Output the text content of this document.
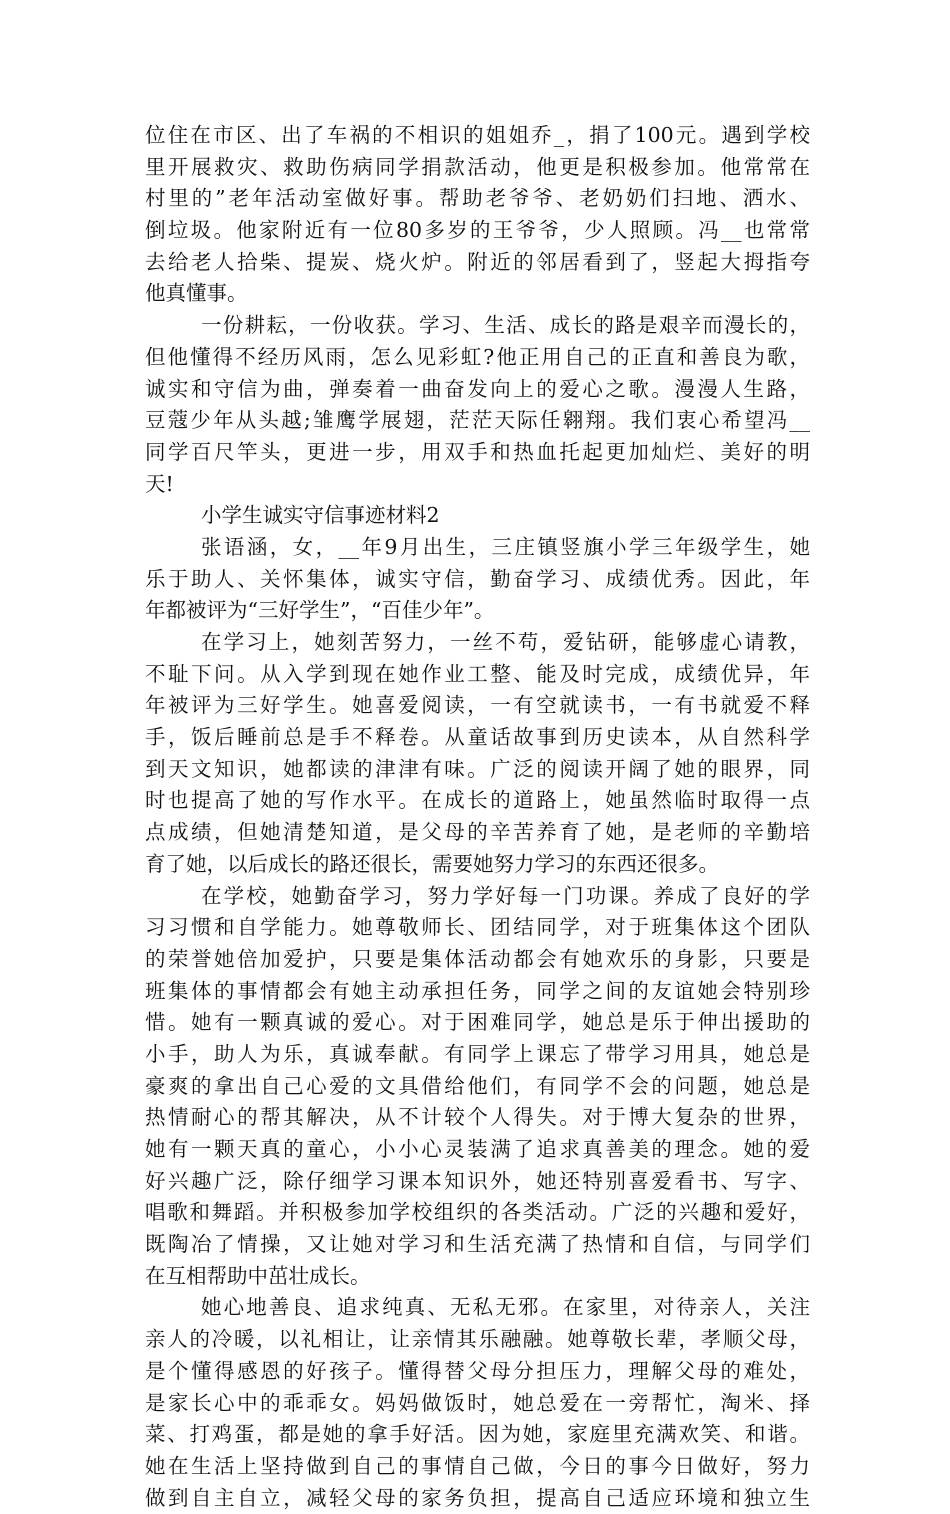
位住在市区、出了车祸的不相识的姐姐乔_，捐了100元。遇到学校
里开展救灾、救助伤病同学捐款活动，他更是积极参加。他常常在
村里的”老年活动室做好事。帮助老爷爷、老奶奶们扫地、洒水、
倒垃圾。他家附近有一位80多岁的王爷爷，少人照顾。冯__也常常
去给老人拾柴、提炭、烧火炉。附近的邻居看到了，竖起大拇指夸
他真懂事。
一份耕耘，一份收获。学习、生活、成长的路是艰辛而漫长的，
但他懂得不经历风雨，怎么见彩虹?他正用自己的正直和善良为歌，
诚实和守信为曲，弹奏着一曲奋发向上的爱心之歌。漫漫人生路，
豆蔻少年从头越;雏鹰学展翅，茫茫天际任翱翔。我们衷心希望冯__
同学百尺竿头，更进一步，用双手和热血托起更加灿烂、美好的明
天!
小学生诚实守信事迹材料2
张语涵，女，__年9月出生，三庄镇竖旗小学三年级学生，她
乐于助人、关怀集体，诚实守信，勤奋学习、成绩优秀。因此，年
年都被评为“三好学生”，“百佳少年”。
在学习上，她刻苦努力，一丝不苟，爱钻研，能够虚心请教，
不耻下问。从入学到现在她作业工整、能及时完成，成绩优异，年
年被评为三好学生。她喜爱阅读，一有空就读书，一有书就爱不释
手，饭后睡前总是手不释卷。从童话故事到历史读本，从自然科学
到天文知识，她都读的津津有味。广泛的阅读开阔了她的眼界，同
时也提高了她的写作水平。在成长的道路上，她虽然临时取得一点
点成绩，但她清楚知道，是父母的辛苦养育了她，是老师的辛勤培
育了她，以后成长的路还很长，需要她努力学习的东西还很多。
在学校，她勤奋学习，努力学好每一门功课。养成了良好的学
习习惯和自学能力。她尊敬师长、团结同学，对于班集体这个团队
的荣誉她倍加爱护，只要是集体活动都会有她欢乐的身影，只要是
班集体的事情都会有她主动承担任务，同学之间的友谊她会特别珍
惜。她有一颗真诚的爱心。对于困难同学，她总是乐于伸出援助的
小手，助人为乐，真诚奉献。有同学上课忘了带学习用具，她总是
豪爽的拿出自己心爱的文具借给他们，有同学不会的问题，她总是
热情耐心的帮其解决，从不计较个人得失。对于博大复杂的世界，
她有一颗天真的童心，小小心灵装满了追求真善美的理念。她的爱
好兴趣广泛，除仔细学习课本知识外，她还特别喜爱看书、写字、
唱歌和舞蹈。并积极参加学校组织的各类活动。广泛的兴趣和爱好，
既陶冶了情操，又让她对学习和生活充满了热情和自信，与同学们
在互相帮助中茁壮成长。
她心地善良、追求纯真、无私无邪。在家里，对待亲人，关注
亲人的冷暖，以礼相让，让亲情其乐融融。她尊敬长辈，孝顺父母，
是个懂得感恩的好孩子。懂得替父母分担压力，理解父母的难处，
是家长心中的乖乖女。妈妈做饭时，她总爱在一旁帮忙，淘米、择
菜、打鸡蛋，都是她的拿手好活。因为她，家庭里充满欢笑、和谐。
她在生活上坚持做到自己的事情自己做，今日的事今日做好，努力
做到自主自立，减轻父母的家务负担，提高自己适应环境和独立生
